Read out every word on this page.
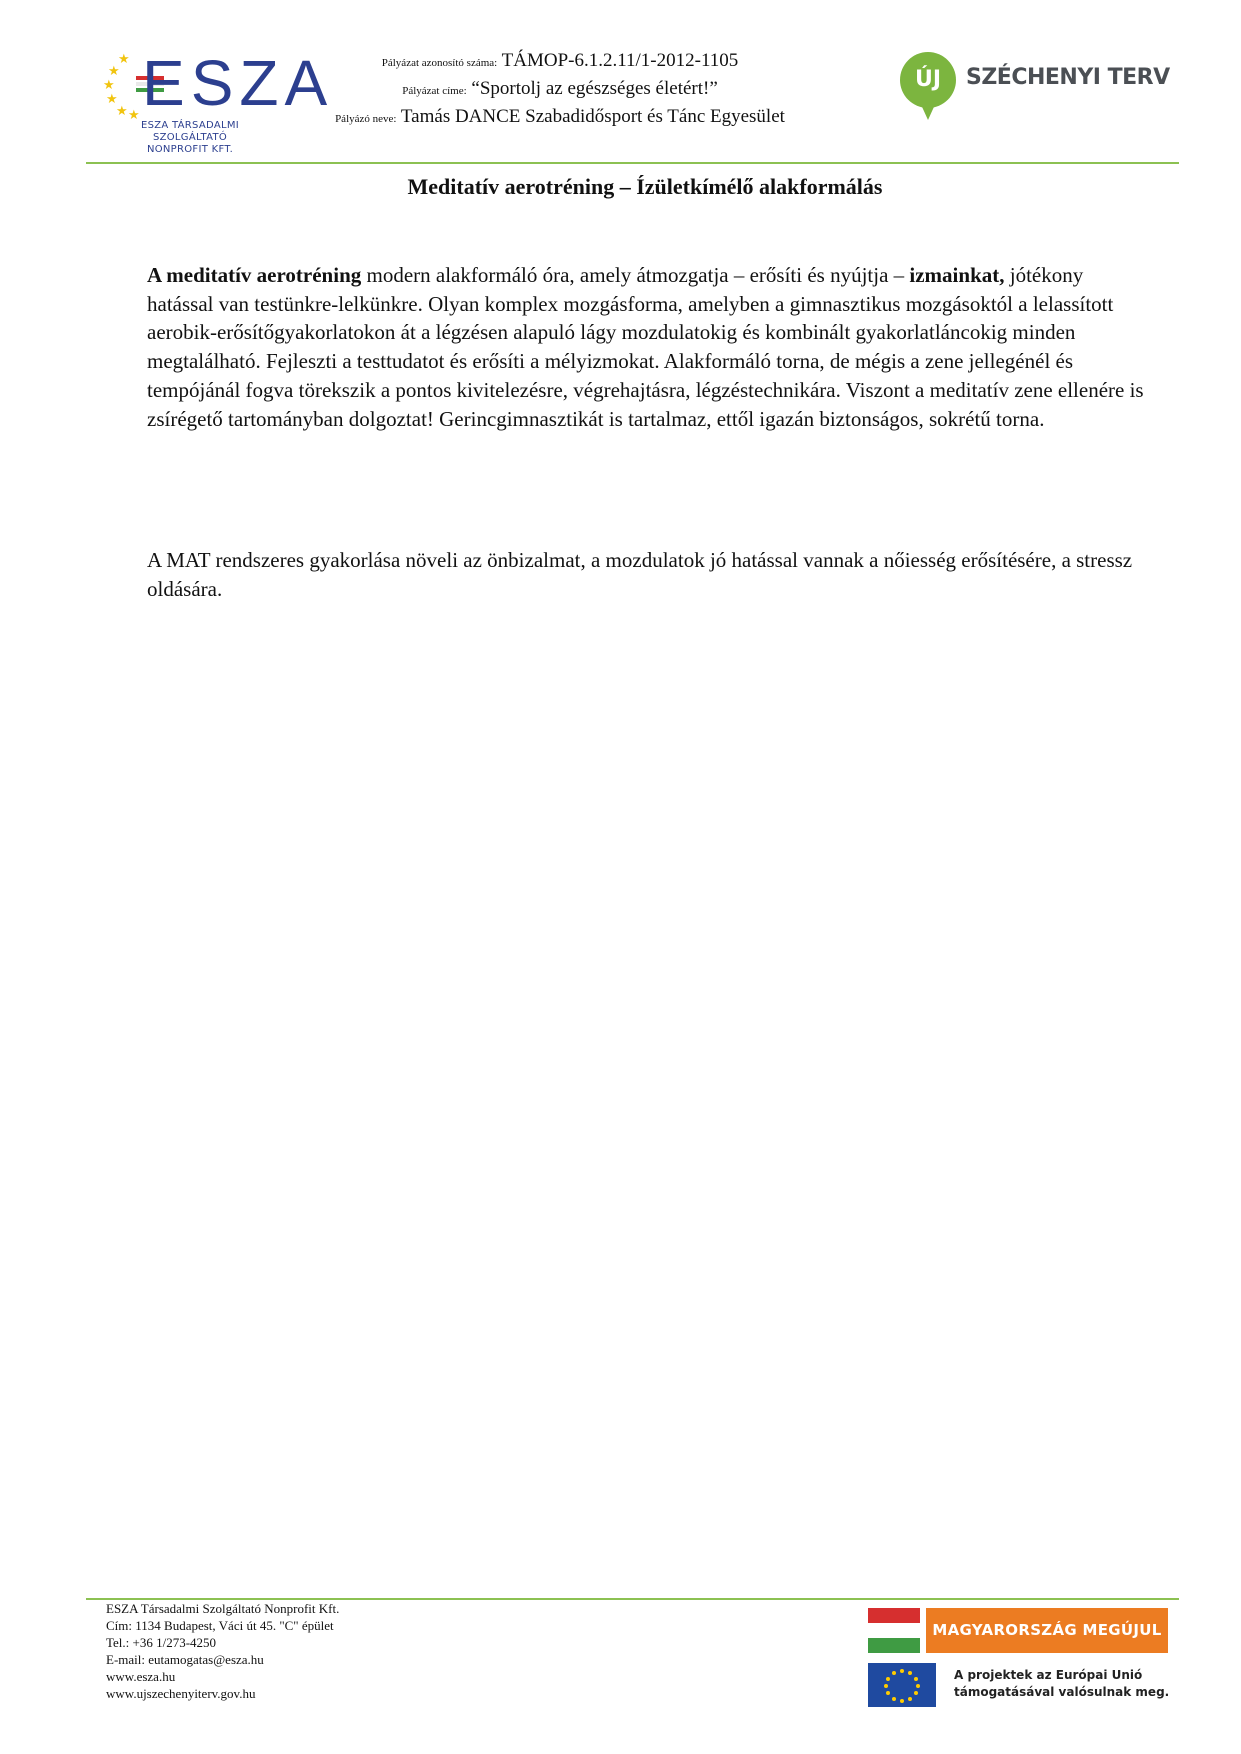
★
★
★
★
★ ★ ESZA
ESZA TÁRSADALMI SZOLGÁLTATÓ
NONPROFIT KFT.
Pályázat azonosító száma: TÁMOP-6.1.2.11/1-2012-1105
Pályázat címe: “Sportolj az egészséges életért!”
Pályázó neve: Tamás DANCE Szabadidősport és Tánc Egyesület
ÚJ	SZÉCHENYI TERV
Meditatív aerotréning – Ízületkímélő alakformálás
A meditatív aerotréning modern alakformáló óra, amely átmozgatja – erősíti és nyújtja – izmainkat, jótékony hatással van testünkre-lelkünkre. Olyan komplex mozgásforma, amelyben a gimnasztikus mozgásoktól a lelassított aerobik-erősítőgyakorlatokon át a légzésen alapuló lágy mozdulatokig és kombinált gyakorlatláncokig minden megtalálható. Fejleszti a testtudatot és erősíti a mélyizmokat. Alakformáló torna, de mégis a zene jellegénél és tempójánál fogva törekszik a pontos kivitelezésre, végrehajtásra, légzéstechnikára. Viszont a meditatív zene ellenére is zsírégető tartományban dolgoztat! Gerincgimnasztikát is tartalmaz, ettől igazán biztonságos, sokrétű torna.
A MAT rendszeres gyakorlása növeli az önbizalmat, a mozdulatok jó hatással vannak a nőiesség erősítésére, a stressz oldására.
ESZA Társadalmi Szolgáltató Nonprofit Kft.
Cím: 1134 Budapest, Váci út 45. "C" épület
Tel.: +36 1/273-4250
E-mail: eutamogatas@esza.hu
www.esza.hu
www.ujszechenyiterv.gov.hu
MAGYARORSZÁG MEGÚJUL
A projektek az Európai Unió
támogatásával valósulnak meg.
